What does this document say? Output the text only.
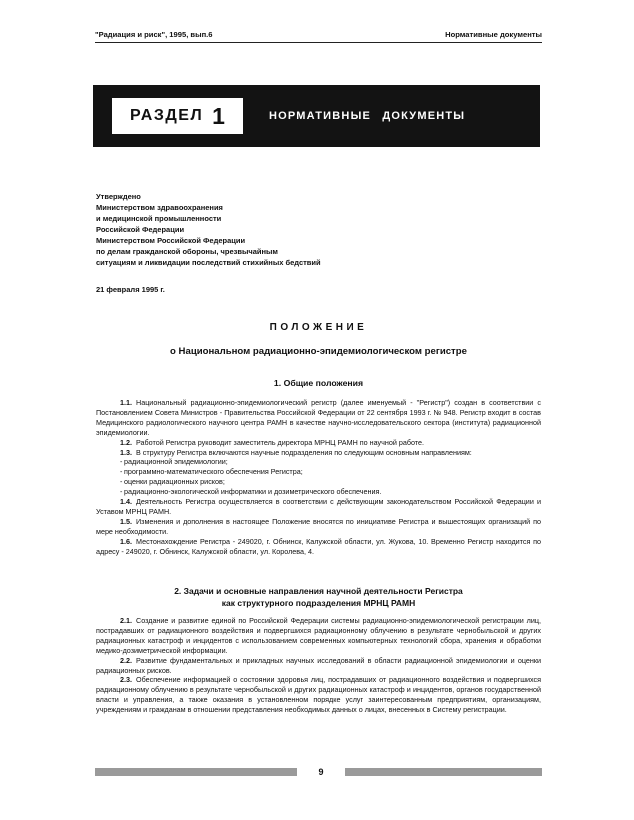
"Радиация и риск", 1995, вып.6	Нормативные документы
РАЗДЕЛ 1	НОРМАТИВНЫЕ ДОКУМЕНТЫ
Утверждено
Министерством здравоохранения
и медицинской промышленности
Российской Федерации
Министерством Российской Федерации
по делам гражданской обороны, чрезвычайным
ситуациям и ликвидации последствий стихийных бедствий
21 февраля 1995 г.
ПОЛОЖЕНИЕ
о Национальном радиационно-эпидемиологическом регистре
1. Общие положения

1.1. Национальный радиационно-эпидемиологический регистр (далее именуемый - "Регистр") создан в соответствии с Постановлением Совета Министров - Правительства Российской Федерации от 22 сентября 1993 г. № 948. Регистр входит в состав Медицинского радиологического научного центра РАМН в качестве научно-исследовательского сектора (института) радиационной эпидемиологии.

1.2. Работой Регистра руководит заместитель директора МРНЦ РАМН по научной работе.

1.3. В структуру Регистра включаются научные подразделения по следующим основным направлениям:

- радиационной эпидемиологии;
- программно-математического обеспечения Регистра;
- оценки радиационных рисков;
- радиационно-экологической информатики и дозиметрического обеспечения.

1.4. Деятельность Регистра осуществляется в соответствии с действующим законодательством Российской Федерации и Уставом МРНЦ РАМН.

1.5. Изменения и дополнения в настоящее Положение вносятся по инициативе Регистра и вышестоящих организаций по мере необходимости.

1.6. Местонахождение Регистра - 249020, г. Обнинск, Калужской области, ул. Жукова, 10. Временно Регистр находится по адресу - 249020, г. Обнинск, Калужской области, ул. Королева, 4.

2. Задачи и основные направления научной деятельности Регистра
как структурного подразделения МРНЦ РАМН

2.1. Создание и развитие единой по Российской Федерации системы радиационно-эпидемиологической регистрации лиц, пострадавших от радиационного воздействия и подвергшихся радиационному облучению в результате чернобыльской и других радиационных катастроф и инцидентов с использованием современных компьютерных технологий сбора, хранения и обработки медико-дозиметрической информации.

2.2. Развитие фундаментальных и прикладных научных исследований в области радиационной эпидемиологии и оценки радиационных рисков.

2.3. Обеспечение информацией о состоянии здоровья лиц, пострадавших от радиационного воздействия и подвергшихся радиационному облучению в результате чернобыльской и других радиационных катастроф и инцидентов, органов государственной власти и управления, а также оказания в установленном порядке услуг заинтересованным предприятиям, организациям, учреждениям и гражданам в отношении представления необходимых данных о лицах, внесенных в Систему регистрации.

9
